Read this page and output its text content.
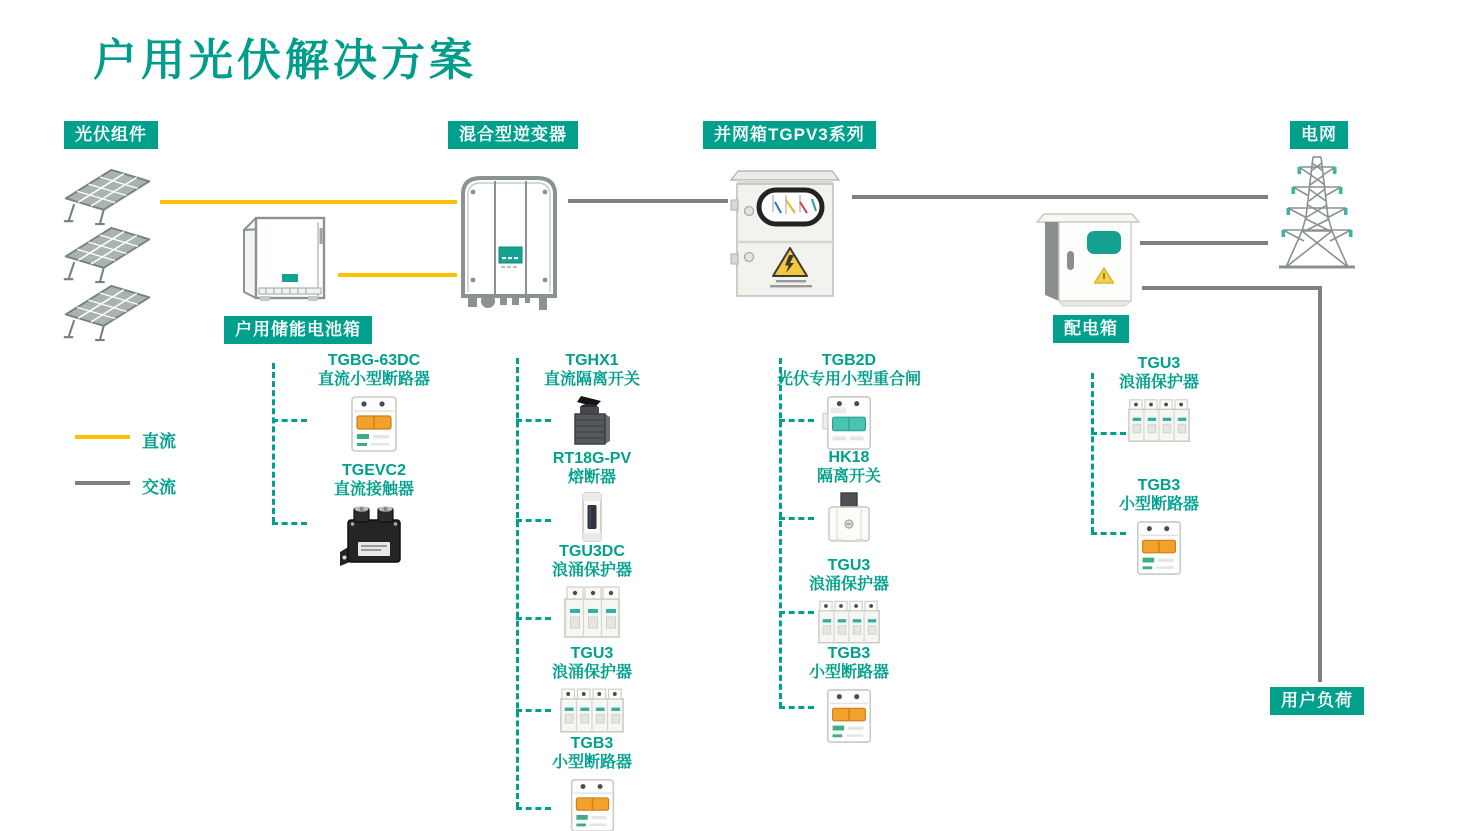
户用光伏解决方案
光伏组件	混合型逆变器	并网箱TGPV3系列	电网
户用储能电池箱	配电箱
用户负荷
直流
交流
TGBG-63DC
直流小型断路器
TGEVC2
直流接触器
TGHX1
直流隔离开关
RT18G-PV
熔断器
TGU3DC
浪涌保护器
TGU3
浪涌保护器
TGB3
小型断路器
TGB2D
光伏专用小型重合闸
HK18
隔离开关
TGU3
浪涌保护器
TGB3
小型断路器
TGU3
浪涌保护器
TGB3
小型断路器
